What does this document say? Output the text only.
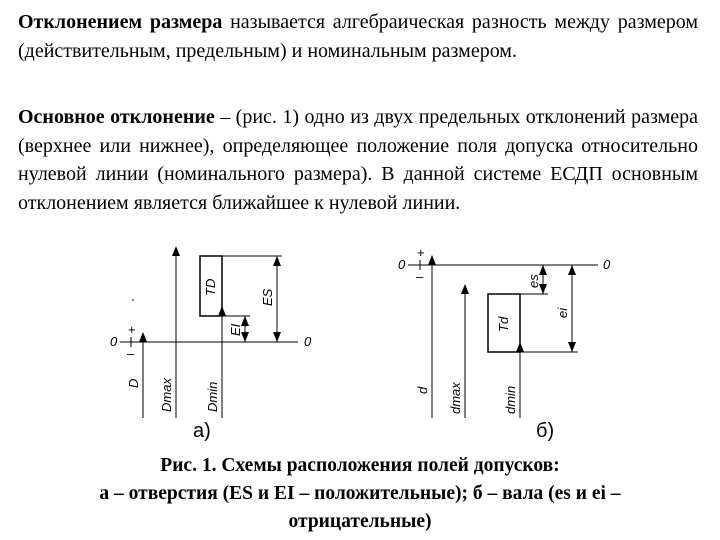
Отклонением размера называется алгебраическая разность между размером (действительным, предельным) и номинальным размером.

Основное отклонение – (рис. 1) одно из двух предельных отклонений размера (верхнее или нижнее), определяющее положение поля допуска относительно нулевой линии (номинального размера). В данной системе ЕСДП основным отклонением является ближайшее к нулевой линии.

0	0
+
–
TD
ES
EI
D Dmax Dmin
0	0
+
–
Td
es
ei
d dmax	dmin
а)	б)
Рис. 1. Схемы расположения полей допусков:
а – отверстия (ES и EI – положительные); б – вала (es и ei –
отрицательные)
